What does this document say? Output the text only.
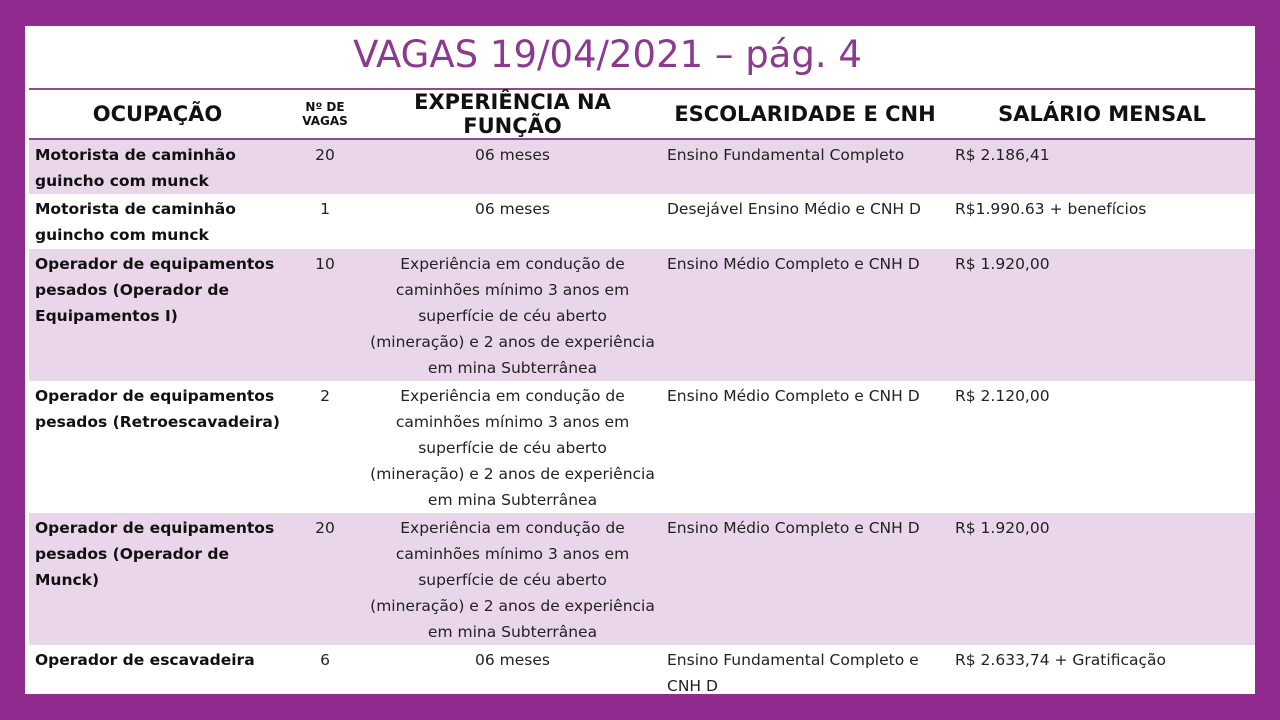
VAGAS 19/04/2021 – pág. 4
OCUPAÇÃO	Nº DE VAGAS	EXPERIÊNCIA NA FUNÇÃO	ESCOLARIDADE E CNH	SALÁRIO MENSAL
Motorista de caminhão guincho com munck	20	06 meses	Ensino Fundamental Completo	R$ 2.186,41
Motorista de caminhão guincho com munck	1	06 meses	Desejável Ensino Médio e CNH D	R$1.990.63 + benefícios
Operador de equipamentos pesados (Operador de Equipamentos I)	10	Experiência em condução de caminhões mínimo 3 anos em superfície de céu aberto (mineração) e 2 anos de experiência em mina Subterrânea	Ensino Médio Completo e CNH D	R$ 1.920,00
Operador de equipamentos pesados (Retroescavadeira)	2	Experiência em condução de caminhões mínimo 3 anos em superfície de céu aberto (mineração) e 2 anos de experiência em mina Subterrânea	Ensino Médio Completo e CNH D	R$ 2.120,00
Operador de equipamentos pesados (Operador de Munck)	20	Experiência em condução de caminhões mínimo 3 anos em superfície de céu aberto (mineração) e 2 anos de experiência em mina Subterrânea	Ensino Médio Completo e CNH D	R$ 1.920,00
Operador de escavadeira	6	06 meses	Ensino Fundamental Completo e CNH D	R$ 2.633,74 + Gratificação
